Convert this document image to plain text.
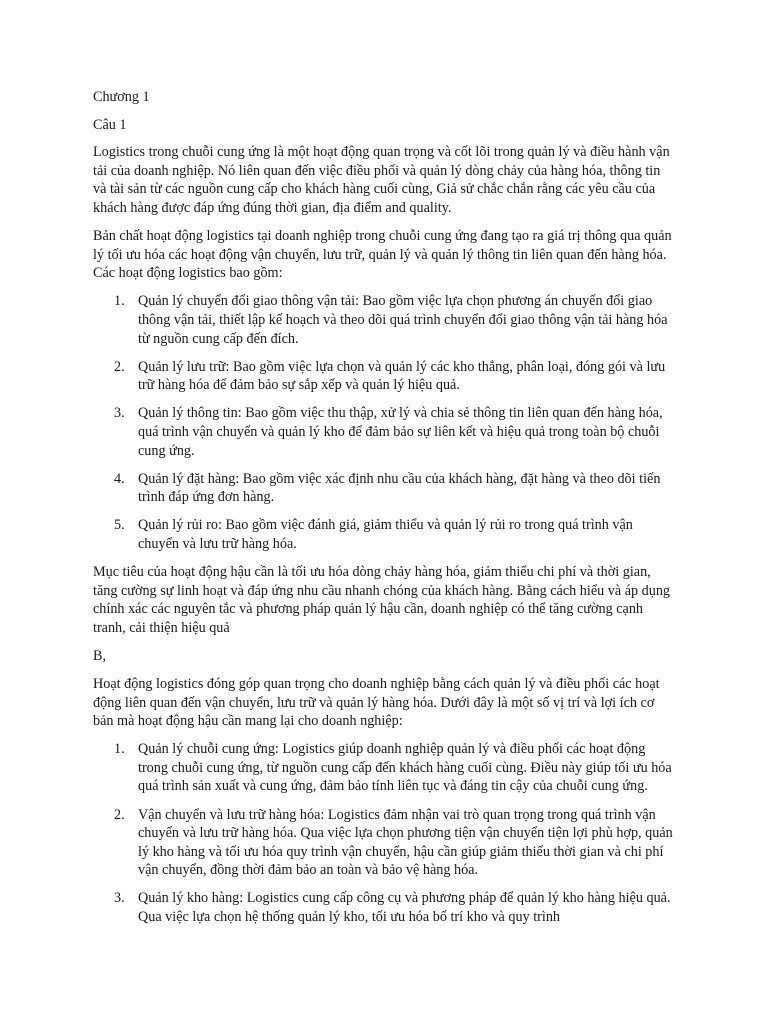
Chương 1

Câu 1

Logistics trong chuỗi cung ứng là một hoạt động quan trọng và cốt lõi trong quản lý và điều hành vận tải của doanh nghiệp. Nó liên quan đến việc điều phối và quản lý dòng chảy của hàng hóa, thông tin và tài sản từ các nguồn cung cấp cho khách hàng cuối cùng, Giả sử chắc chắn rằng các yêu cầu của khách hàng được đáp ứng đúng thời gian, địa điểm and quality.

Bản chất hoạt động logistics tại doanh nghiệp trong chuỗi cung ứng đang tạo ra giá trị thông qua quản lý tối ưu hóa các hoạt động vận chuyển, lưu trữ, quản lý và quản lý thông tin liên quan đến hàng hóa. Các hoạt động logistics bao gồm:

1. Quản lý chuyển đổi giao thông vận tải: Bao gồm việc lựa chọn phương án chuyển đổi giao thông vận tải, thiết lập kế hoạch và theo dõi quá trình chuyển đổi giao thông vận tải hàng hóa từ nguồn cung cấp đến đích.
2. Quản lý lưu trữ: Bao gồm việc lựa chọn và quản lý các kho thẳng, phân loại, đóng gói và lưu trữ hàng hóa để đảm bảo sự sắp xếp và quản lý hiệu quả.
3. Quản lý thông tin: Bao gồm việc thu thập, xử lý và chia sẻ thông tin liên quan đến hàng hóa, quá trình vận chuyển và quản lý kho để đảm bảo sự liên kết và hiệu quả trong toàn bộ chuỗi cung ứng.
4. Quản lý đặt hàng: Bao gồm việc xác định nhu cầu của khách hàng, đặt hàng và theo dõi tiến trình đáp ứng đơn hàng.
5. Quản lý rủi ro: Bao gồm việc đánh giá, giảm thiểu và quản lý rủi ro trong quá trình vận chuyển và lưu trữ hàng hóa.

Mục tiêu của hoạt động hậu cần là tối ưu hóa dòng chảy hàng hóa, giảm thiểu chi phí và thời gian, tăng cường sự linh hoạt và đáp ứng nhu cầu nhanh chóng của khách hàng. Bằng cách hiểu và áp dụng chính xác các nguyên tắc và phương pháp quản lý hậu cần, doanh nghiệp có thể tăng cường cạnh tranh, cải thiện hiệu quả

B,

Hoạt động logistics đóng góp quan trọng cho doanh nghiệp bằng cách quản lý và điều phối các hoạt động liên quan đến vận chuyển, lưu trữ và quản lý hàng hóa. Dưới đây là một số vị trí và lợi ích cơ bản mà hoạt động hậu cần mang lại cho doanh nghiệp:

1. Quản lý chuỗi cung ứng: Logistics giúp doanh nghiệp quản lý và điều phối các hoạt động trong chuỗi cung ứng, từ nguồn cung cấp đến khách hàng cuối cùng. Điều này giúp tối ưu hóa quá trình sản xuất và cung ứng, đảm bảo tính liên tục và đáng tin cậy của chuỗi cung ứng.
2. Vận chuyển và lưu trữ hàng hóa: Logistics đảm nhận vai trò quan trọng trong quá trình vận chuyển và lưu trữ hàng hóa. Qua việc lựa chọn phương tiện vận chuyển tiện lợi phù hợp, quản lý kho hàng và tối ưu hóa quy trình vận chuyển, hậu cần giúp giảm thiểu thời gian và chi phí vận chuyển, đồng thời đảm bảo an toàn và bảo vệ hàng hóa.
3. Quản lý kho hàng: Logistics cung cấp công cụ và phương pháp để quản lý kho hàng hiệu quả. Qua việc lựa chọn hệ thống quản lý kho, tối ưu hóa bố trí kho và quy trình
